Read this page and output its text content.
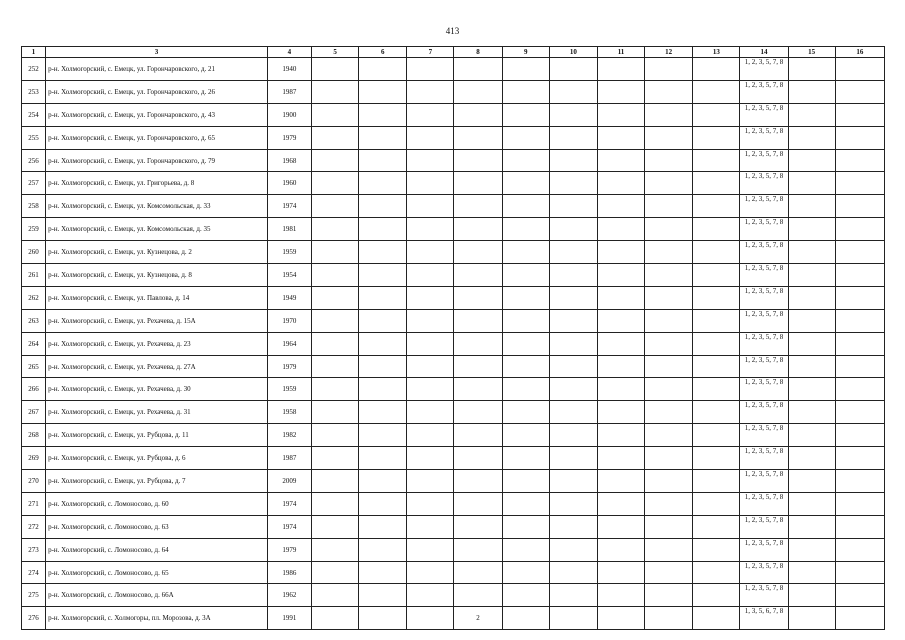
413
1	3	4	5	6	7	8	9	10	11	12	13	14	15	16
252	р-н. Холмогорский, с. Емецк, ул. Горончаровского, д. 21	1940										1, 2, 3, 5, 7, 8		
253	р-н. Холмогорский, с. Емецк, ул. Горончаровского, д. 26	1987										1, 2, 3, 5, 7, 8		
254	р-н. Холмогорский, с. Емецк, ул. Горончаровского, д. 43	1900										1, 2, 3, 5, 7, 8		
255	р-н. Холмогорский, с. Емецк, ул. Горончаровского, д. 65	1979										1, 2, 3, 5, 7, 8		
256	р-н. Холмогорский, с. Емецк, ул. Горончаровского, д. 79	1968										1, 2, 3, 5, 7, 8		
257	р-н. Холмогорский, с. Емецк, ул. Григорьева, д. 8	1960										1, 2, 3, 5, 7, 8		
258	р-н. Холмогорский, с. Емецк, ул. Комсомольская, д. 33	1974										1, 2, 3, 5, 7, 8		
259	р-н. Холмогорский, с. Емецк, ул. Комсомольская, д. 35	1981										1, 2, 3, 5, 7, 8		
260	р-н. Холмогорский, с. Емецк, ул. Кузнецова, д. 2	1959										1, 2, 3, 5, 7, 8		
261	р-н. Холмогорский, с. Емецк, ул. Кузнецова, д. 8	1954										1, 2, 3, 5, 7, 8		
262	р-н. Холмогорский, с. Емецк, ул. Павлова, д. 14	1949										1, 2, 3, 5, 7, 8		
263	р-н. Холмогорский, с. Емецк, ул. Рехачева, д. 15А	1970										1, 2, 3, 5, 7, 8		
264	р-н. Холмогорский, с. Емецк, ул. Рехачева, д. 23	1964										1, 2, 3, 5, 7, 8		
265	р-н. Холмогорский, с. Емецк, ул. Рехачева, д. 27А	1979										1, 2, 3, 5, 7, 8		
266	р-н. Холмогорский, с. Емецк, ул. Рехачева, д. 30	1959										1, 2, 3, 5, 7, 8		
267	р-н. Холмогорский, с. Емецк, ул. Рехачева, д. 31	1958										1, 2, 3, 5, 7, 8		
268	р-н. Холмогорский, с. Емецк, ул. Рубцова, д. 11	1982										1, 2, 3, 5, 7, 8		
269	р-н. Холмогорский, с. Емецк, ул. Рубцова, д. 6	1987										1, 2, 3, 5, 7, 8		
270	р-н. Холмогорский, с. Емецк, ул. Рубцова, д. 7	2009										1, 2, 3, 5, 7, 8		
271	р-н. Холмогорский, с. Ломоносово, д. 60	1974										1, 2, 3, 5, 7, 8		
272	р-н. Холмогорский, с. Ломоносово, д. 63	1974										1, 2, 3, 5, 7, 8		
273	р-н. Холмогорский, с. Ломоносово, д. 64	1979										1, 2, 3, 5, 7, 8		
274	р-н. Холмогорский, с. Ломоносово, д. 65	1986										1, 2, 3, 5, 7, 8		
275	р-н. Холмогорский, с. Ломоносово, д. 66А	1962										1, 2, 3, 5, 7, 8		
276	р-н. Холмогорский, с. Холмогоры, пл. Морозова, д. 3А	1991				2						1, 3, 5, 6, 7, 8		
